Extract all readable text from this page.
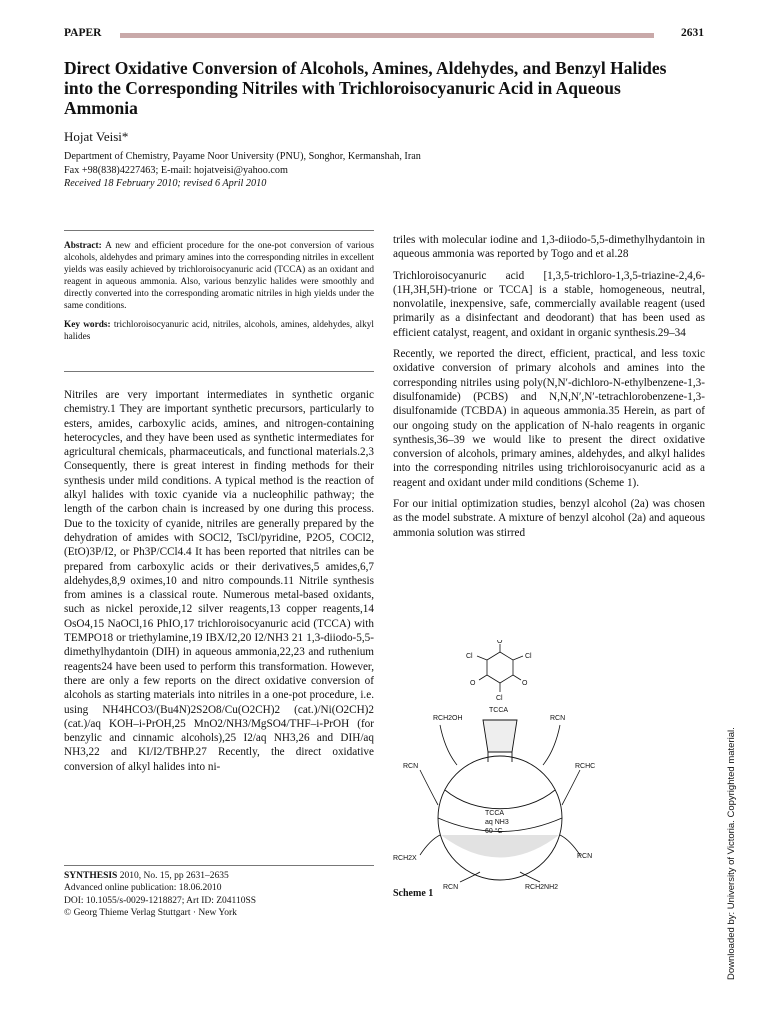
PAPER	2631
Direct Oxidative Conversion of Alcohols, Amines, Aldehydes, and Benzyl Halides into the Corresponding Nitriles with Trichloroisocyanuric Acid in Aqueous Ammonia
Hojat Veisi*
Department of Chemistry, Payame Noor University (PNU), Songhor, Kermanshah, Iran
Fax +98(838)4227463; E-mail: hojatveisi@yahoo.com
Received 18 February 2010; revised 6 April 2010
Abstract: A new and efficient procedure for the one-pot conversion of various alcohols, aldehydes and primary amines into the corresponding nitriles in excellent yields was easily achieved by trichloroisocyanuric acid (TCCA) as an oxidant and reagent in aqueous ammonia. Also, various benzylic halides were smoothly and directly converted into the corresponding aromatic nitriles in high yields under the same conditions.
Key words: trichloroisocyanuric acid, nitriles, alcohols, amines, aldehydes, alkyl halides

Nitriles are very important intermediates in synthetic organic chemistry.1 They are important synthetic precursors, particularly to esters, amides, carboxylic acids, amines, and nitrogen-containing heterocycles, and they have been used as synthetic intermediates for agricultural chemicals, pharmaceuticals, and functional materials.2,3 Consequently, there is great interest in finding methods for their synthesis under mild conditions. A typical method is the reaction of alkyl halides with toxic cyanide via a nucleophilic pathway; the length of the carbon chain is increased by one during this process. Due to the toxicity of cyanide, nitriles are generally prepared by the dehydration of amides with SOCl2, TsCl/pyridine, P2O5, COCl2, (EtO)3P/I2, or Ph3P/CCl4.4 It has been reported that nitriles can be prepared from carboxylic acids or their derivatives,5 amides,6,7 aldehydes,8,9 oximes,10 and nitro compounds.11 Nitrile synthesis from amines is a classical route. Numerous metal-based oxidants, such as nickel peroxide,12 silver reagents,13 copper reagents,14 OsO4,15 NaOCl,16 PhIO,17 trichloroisocyanuric acid (TCCA) with TEMPO18 or triethylamine,19 IBX/I2,20 I2/NH3 21 1,3-diiodo-5,5-dimethylhydantoin (DIH) in aqueous ammonia,22,23 and ruthenium reagents24 have been used to perform this transformation. However, there are only a few reports on the direct oxidative conversion of alcohols as starting materials into nitriles in a one-pot procedure, i.e. using NH4HCO3/(Bu4N)2S2O8/Cu(O2CH)2 (cat.)/Ni(O2CH)2 (cat.)/aq KOH–i-PrOH,25 MnO2/NH3/MgSO4/THF–i-PrOH (for benzylic and cinnamic alcohols),25 I2/aq NH3,26 and DIH/aq NH3,22 and KI/I2/TBHP.27 Recently, the direct oxidative conversion of alkyl halides into ni-

triles with molecular iodine and 1,3-diiodo-5,5-dimethylhydantoin in aqueous ammonia was reported by Togo and et al.28

Trichloroisocyanuric acid [1,3,5-trichloro-1,3,5-triazine-2,4,6-(1H,3H,5H)-trione or TCCA] is a stable, homogeneous, neutral, nonvolatile, inexpensive, safe, commercially available reagent (used primarily as a disinfectant and deodorant) that has been used as efficient catalyst, reagent, and oxidant in organic synthesis.29–34

Recently, we reported the direct, efficient, practical, and less toxic oxidative conversion of primary alcohols and amines into the corresponding nitriles using poly(N,N′-dichloro-N-ethylbenzene-1,3-disulfonamide) (PCBS) and N,N,N′,N′-tetrachlorobenzene-1,3-disulfonamide (TCBDA) in aqueous ammonia.35 Herein, as part of our ongoing study on the application of N-halo reagents in organic synthesis,36–39 we would like to present the direct oxidative conversion of alcohols, primary amines, aldehydes, and alkyl halides into the corresponding nitriles using trichloroisocyanuric acid as a reagent and oxidant under mild conditions (Scheme 1).

For our initial optimization studies, benzyl alcohol (2a) was chosen as the model substrate. A mixture of benzyl alcohol (2a) and aqueous ammonia solution was stirred

O
Cl	Cl
O	O
Cl
TCCA
RCH2OH	RCN
RCN	RCHC
TCCA
aq NH3
60 °C
RCH2X	RCN
RCN	RCH2NH2
Scheme 1
SYNTHESIS 2010, No. 15, pp 2631–2635
Advanced online publication: 18.06.2010
DOI: 10.1055/s-0029-1218827; Art ID: Z04110SS
© Georg Thieme Verlag Stuttgart · New York	Downloaded by: University of Victoria. Copyrighted material.
